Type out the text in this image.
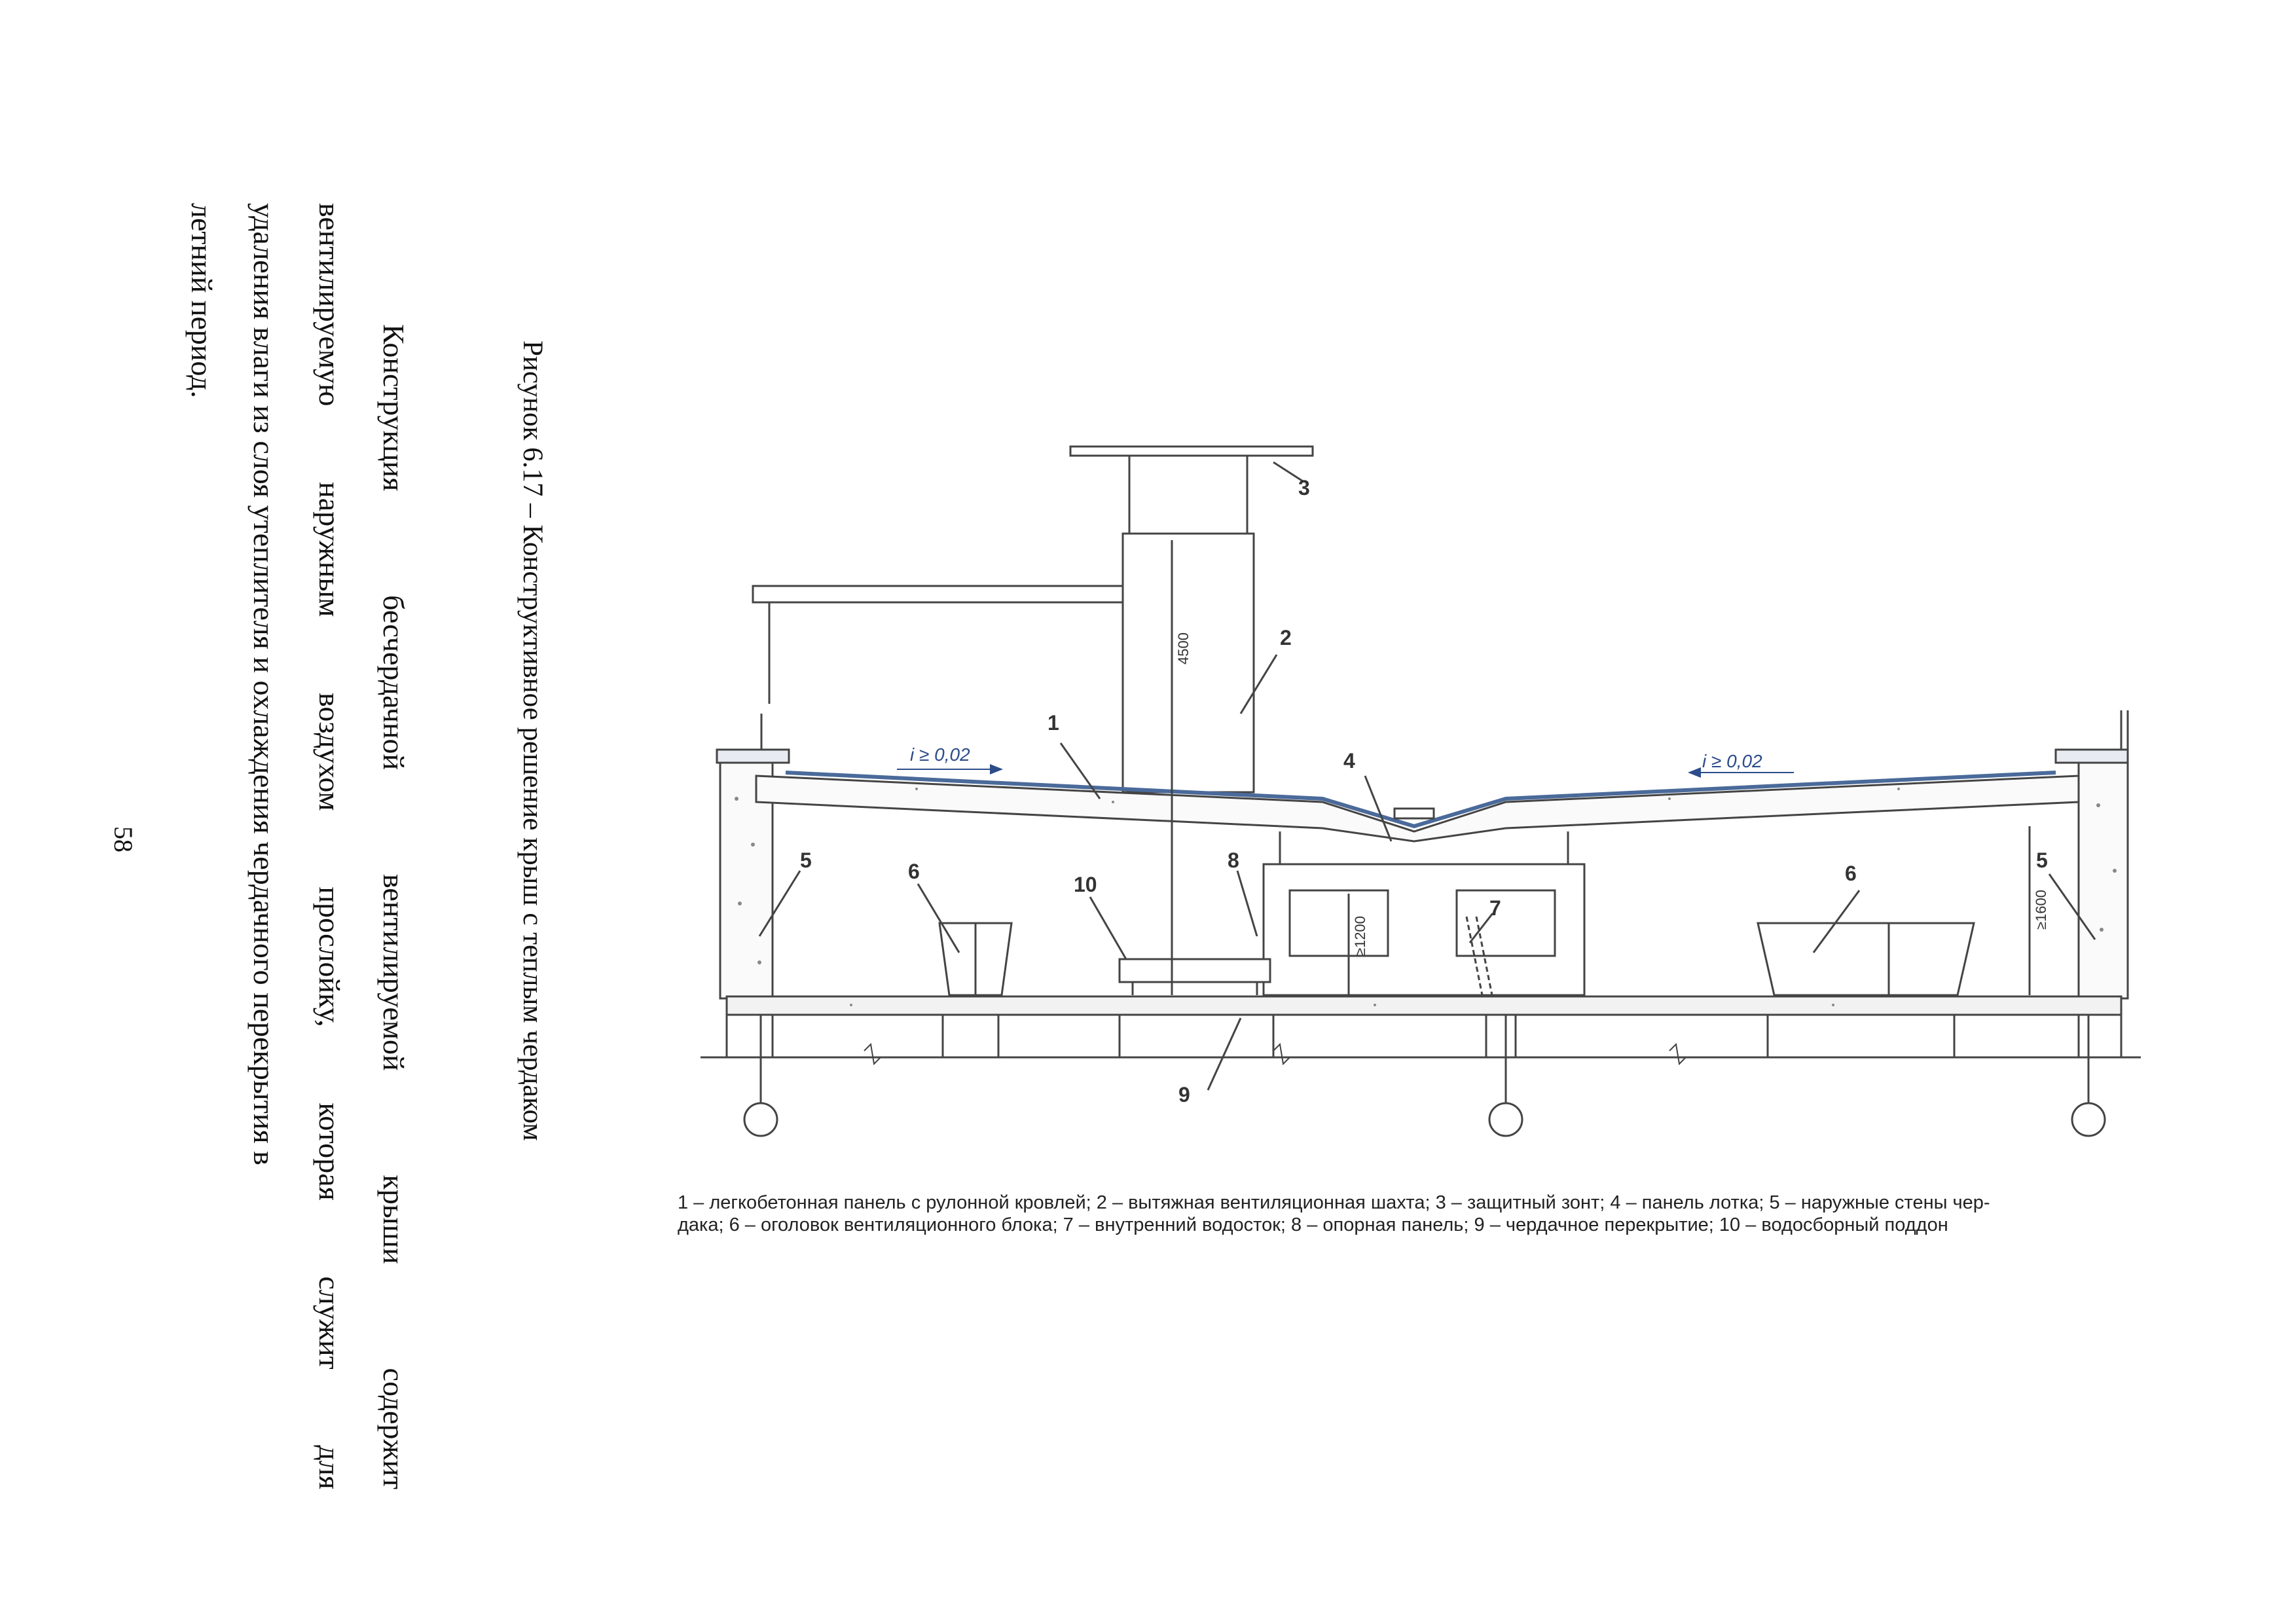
3
2
1
4
5	5
6	6
8
10
7
9
4500
≥1600
≥1200
i ≥ 0,02	i ≥ 0,02
1 – легкобетонная панель с рулонной кровлей; 2 – вытяжная вентиляционная шахта; 3 – защитный зонт; 4 – панель лотка; 5 – наружные стены чер-
дака; 6 – оголовок вентиляционного блока; 7 – внутренний водосток; 8 – опорная панель; 9 – чердачное перекрытие; 10 – водосборный поддон
Рисунок 6.17 – Конструктивное решение крыш с теплым чердаком
Конструкция
бесчердачной
вентилируемой
крыши
содержит
вентилируемую
наружным
воздухом
прослойку,
которая
служит
для
удаления влаги из слоя утеплителя и охлаждения чердачного перекрытия в
летний период.
58
